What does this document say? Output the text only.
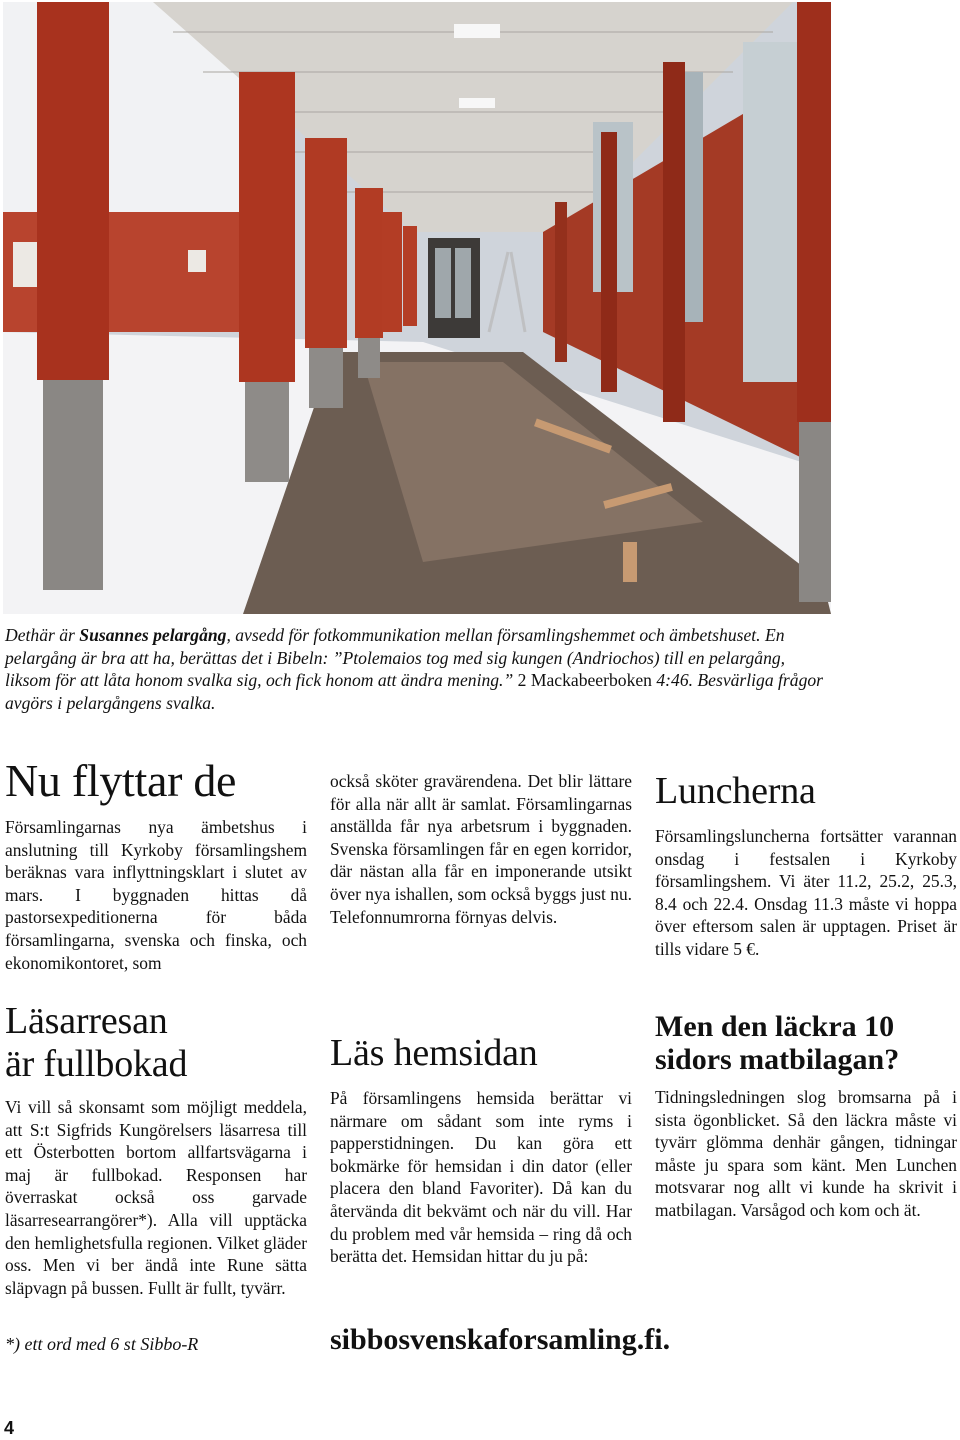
Dethär är Susannes pelargång, avsedd för fotkommunikation mellan församlingshemmet och ämbetshuset. En pelargång är bra att ha, berättas det i Bibeln: ”Ptolemaios tog med sig kungen (Andriochos) till en pelargång, liksom för att låta honom svalka sig, och fick honom att ändra mening.” 2 Mackabeerboken 4:46. Besvärliga frågor avgörs i pelargångens svalka.
Nu flyttar de

Församlingarnas nya ämbetshus i anslutning till Kyrkoby församlingshem beräknas vara inflyttningsklart i slutet av mars. I byggnaden hittas då pastorsexpeditionerna för båda församlingarna, svenska och finska, och ekonomikontoret, som

Läsarresan
är fullbokad

Vi vill så skonsamt som möjligt meddela, att S:t Sigfrids Kungörelsers läsarresa till ett Österbotten bortom allfartsvägarna i maj är fullbokad. Responsen har överraskat också oss garvade läsarresearrangörer*). Alla vill upptäcka den hemlighetsfulla regionen. Vilket gläder oss. Men vi ber ändå inte Rune sätta släpvagn på bussen. Fullt är fullt, tyvärr.

*) ett ord med 6 st Sibbo-R

också sköter gravärendena. Det blir lättare för alla när allt är samlat. Församlingarnas anställda får nya arbetsrum i byggnaden. Svenska församlingen får en egen korridor, där nästan alla får en imponerande utsikt över nya ishallen, som också byggs just nu. Telefonnumrorna förnyas delvis.

Läs hemsidan

På församlingens hemsida berättar vi närmare om sådant som inte ryms i papperstidningen. Du kan göra ett bokmärke för hemsidan i din dator (eller placera den bland Favoriter). Då kan du återvända dit bekvämt och när du vill. Har du problem med vår hemsida – ring då och berätta det. Hemsidan hittar du ju på:

sibbosvenskaforsamling.fi.
Luncherna

Församlingsluncherna fortsätter varannan onsdag i festsalen i Kyrkoby församlingshem. Vi äter 11.2, 25.2, 25.3, 8.4 och 22.4. Onsdag 11.3 måste vi hoppa över eftersom salen är upptagen. Priset är tills vidare 5 €.

Men den läckra 10
sidors matbilagan?

Tidningsledningen slog bromsarna på i sista ögonblicket. Så den läckra måste vi tyvärr glömma denhär gången, tidningar måste ju spara som känt. Men Lunchen motsvarar nog allt vi kunde ha skrivit i matbilagan. Varsågod och kom och ät.

4
